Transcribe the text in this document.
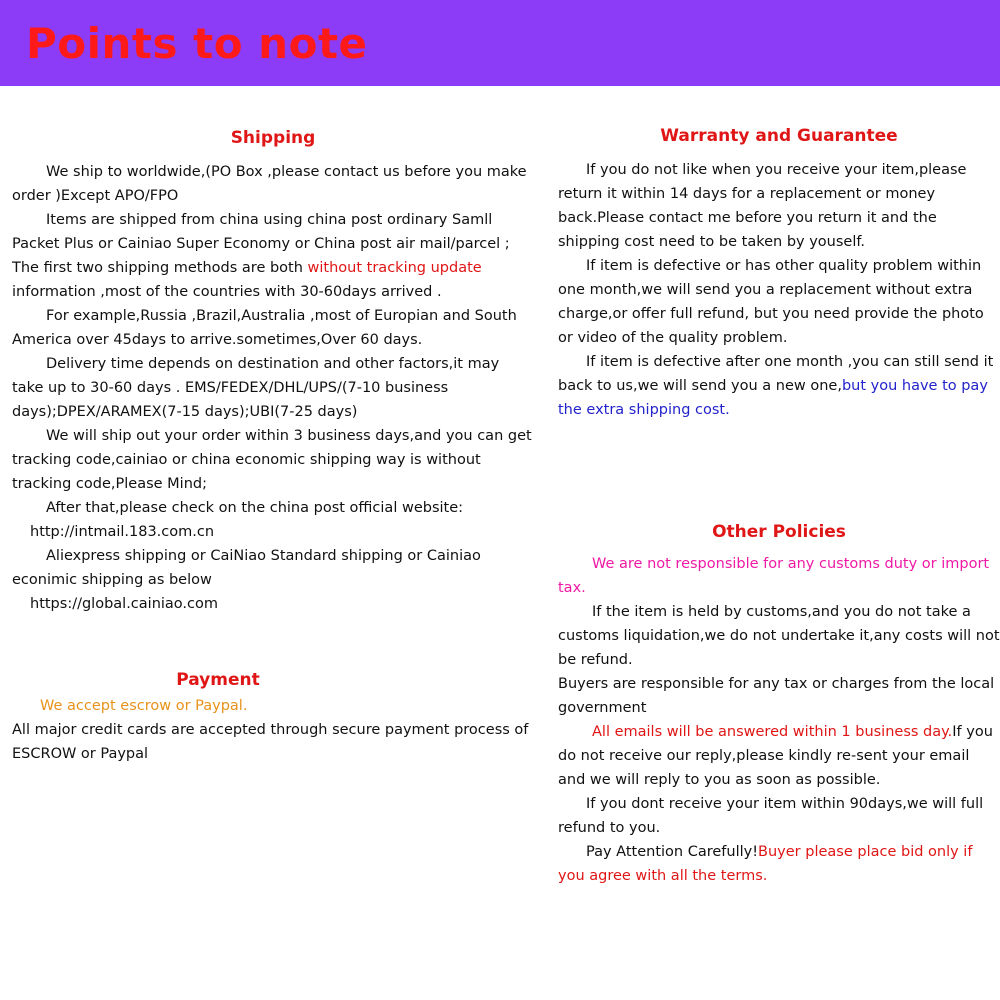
Points to note
Shipping

We ship to worldwide,(PO Box ,please contact us before you make order )Except APO/FPO

Items are shipped from china using china post ordinary Samll Packet Plus or Cainiao Super Economy or China post air mail/parcel ; The first two shipping methods are both without tracking update information ,most of the countries with 30-60days arrived .

For example,Russia ,Brazil,Australia ,most of Europian and South America over 45days to arrive.sometimes,Over 60 days.

Delivery time depends on destination and other factors,it may take up to 30-60 days . EMS/FEDEX/DHL/UPS/(7-10 business days);DPEX/ARAMEX(7-15 days);UBI(7-25 days)

We will ship out your order within 3 business days,and you can get tracking code,cainiao or china economic shipping way is without tracking code,Please Mind;

After that,please check on the china post official website:

http://intmail.183.com.cn

Aliexpress shipping or CaiNiao Standard shipping or Cainiao econimic shipping as below

https://global.cainiao.com

Payment

We accept escrow or Paypal.

All major credit cards are accepted through secure payment process of ESCROW or Paypal

Warranty and Guarantee

If you do not like when you receive your item,please return it within 14 days for a replacement or money back.Please contact me before you return it and the shipping cost need to be taken by youself.

If item is defective or has other quality problem within one month,we will send you a replacement without extra charge,or offer full refund, but you need provide the photo or video of the quality problem.

If item is defective after one month ,you can still send it back to us,we will send you a new one,but you have to pay the extra shipping cost.

Other Policies

We are not responsible for any customs duty or import tax.

If the item is held by customs,and you do not take a customs liquidation,we do not undertake it,any costs will not be refund.

Buyers are responsible for any tax or charges from the local government

All emails will be answered within 1 business day.If you do not receive our reply,please kindly re-sent your email and we will reply to you as soon as possible.

If you dont receive your item within 90days,we will full refund to you.

Pay Attention Carefully!Buyer please place bid only if you agree with all the terms.
